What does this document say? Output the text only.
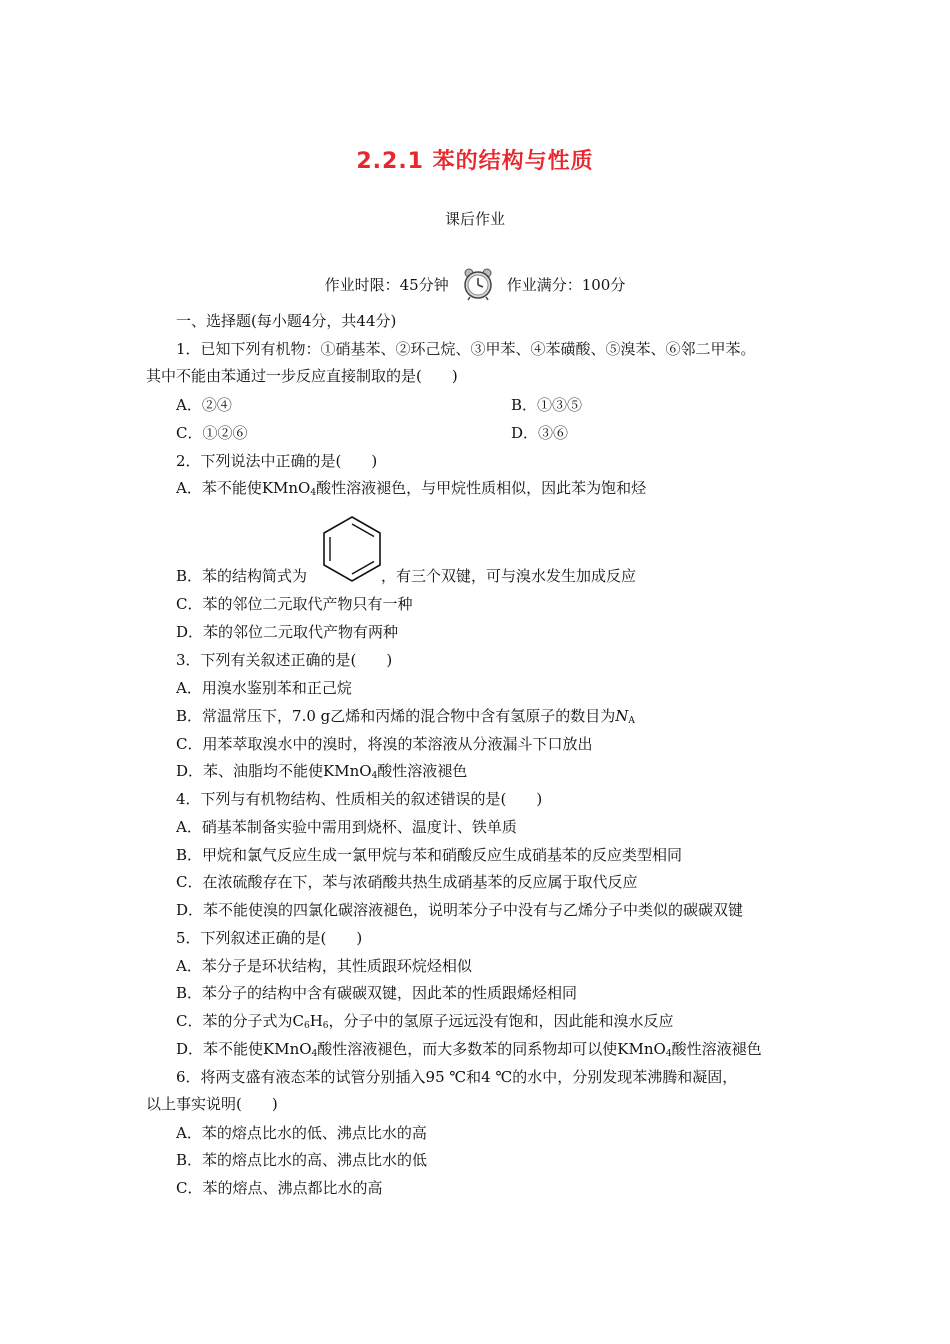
2.2.1 苯的结构与性质
课后作业
作业时限：45分钟	作业满分：100分
一、选择题(每小题4分，共44分)
1．已知下列有机物：①硝基苯、②环己烷、③甲苯、④苯磺酸、⑤溴苯、⑥邻二甲苯。
其中不能由苯通过一步反应直接制取的是(　　)
A．②④	B．①③⑤
C．①②⑥	D．③⑥
2．下列说法中正确的是(　　)
A．苯不能使KMnO$_4$酸性溶液褪色，与甲烷性质相似，因此苯为饱和烃
B．苯的结构简式为	，有三个双键，可与溴水发生加成反应
C．苯的邻位二元取代产物只有一种
D．苯的邻位二元取代产物有两种
3．下列有关叙述正确的是(　　)
A．用溴水鉴别苯和正己烷
B．常温常压下，7.0 g乙烯和丙烯的混合物中含有氢原子的数目为$N_A$
C．用苯萃取溴水中的溴时，将溴的苯溶液从分液漏斗下口放出
D．苯、油脂均不能使KMnO$_4$酸性溶液褪色
4．下列与有机物结构、性质相关的叙述错误的是(　　)
A．硝基苯制备实验中需用到烧杯、温度计、铁单质
B．甲烷和氯气反应生成一氯甲烷与苯和硝酸反应生成硝基苯的反应类型相同
C．在浓硫酸存在下，苯与浓硝酸共热生成硝基苯的反应属于取代反应
D．苯不能使溴的四氯化碳溶液褪色，说明苯分子中没有与乙烯分子中类似的碳碳双键
5．下列叙述正确的是(　　)
A．苯分子是环状结构，其性质跟环烷烃相似
B．苯分子的结构中含有碳碳双键，因此苯的性质跟烯烃相同
C．苯的分子式为$C_6H_6$，分子中的氢原子远远没有饱和，因此能和溴水反应
D．苯不能使KMnO$_4$酸性溶液褪色，而大多数苯的同系物却可以使KMnO$_4$酸性溶液褪色
6．将两支盛有液态苯的试管分别插入95 ℃和4 ℃的水中，分别发现苯沸腾和凝固，
以上事实说明(　　)
A．苯的熔点比水的低、沸点比水的高
B．苯的熔点比水的高、沸点比水的低
C．苯的熔点、沸点都比水的高
